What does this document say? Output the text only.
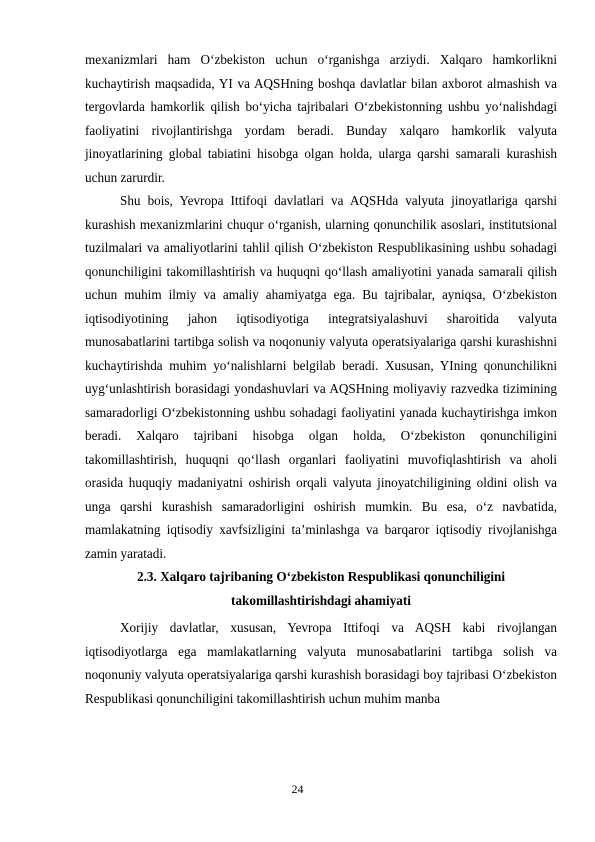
mexanizmlari ham O‘zbekiston uchun o‘rganishga arziydi. Xalqaro hamkorlikni kuchaytirish maqsadida, YI va AQSHning boshqa davlatlar bilan axborot almashish va tergovlarda hamkorlik qilish bo‘yicha tajribalari O‘zbekistonning ushbu yo‘nalishdagi faoliyatini rivojlantirishga yordam beradi. Bunday xalqaro hamkorlik valyuta jinoyatlarining global tabiatini hisobga olgan holda, ularga qarshi samarali kurashish uchun zarurdir.

Shu bois, Yevropa Ittifoqi davlatlari va AQSHda valyuta jinoyatlariga qarshi kurashish mexanizmlarini chuqur o‘rganish, ularning qonunchilik asoslari, institutsional tuzilmalari va amaliyotlarini tahlil qilish O‘zbekiston Respublikasining ushbu sohadagi qonunchiligini takomillashtirish va huquqni qo‘llash amaliyotini yanada samarali qilish uchun muhim ilmiy va amaliy ahamiyatga ega. Bu tajribalar, ayniqsa, O‘zbekiston iqtisodiyotining jahon iqtisodiyotiga integratsiyalashuvi sharoitida valyuta munosabatlarini tartibga solish va noqonuniy valyuta operatsiyalariga qarshi kurashishni kuchaytirishda muhim yo‘nalishlarni belgilab beradi. Xususan, YIning qonunchilikni uyg‘unlashtirish borasidagi yondashuvlari va AQSHning moliyaviy razvedka tizimining samaradorligi O‘zbekistonning ushbu sohadagi faoliyatini yanada kuchaytirishga imkon beradi. Xalqaro tajribani hisobga olgan holda, O‘zbekiston qonunchiligini takomillashtirish, huquqni qo‘llash organlari faoliyatini muvofiqlashtirish va aholi orasida huquqiy madaniyatni oshirish orqali valyuta jinoyatchiligining oldini olish va unga qarshi kurashish samaradorligini oshirish mumkin. Bu esa, o‘z navbatida, mamlakatning iqtisodiy xavfsizligini ta’minlashga va barqaror iqtisodiy rivojlanishga zamin yaratadi.

2.3. Xalqaro tajribaning O‘zbekiston Respublikasi qonunchiligini
takomillashtirishdagi ahamiyati

Xorijiy davlatlar, xususan, Yevropa Ittifoqi va AQSH kabi rivojlangan iqtisodiyotlarga ega mamlakatlarning valyuta munosabatlarini tartibga solish va noqonuniy valyuta operatsiyalariga qarshi kurashish borasidagi boy tajribasi O‘zbekiston Respublikasi qonunchiligini takomillashtirish uchun muhim manba

24
